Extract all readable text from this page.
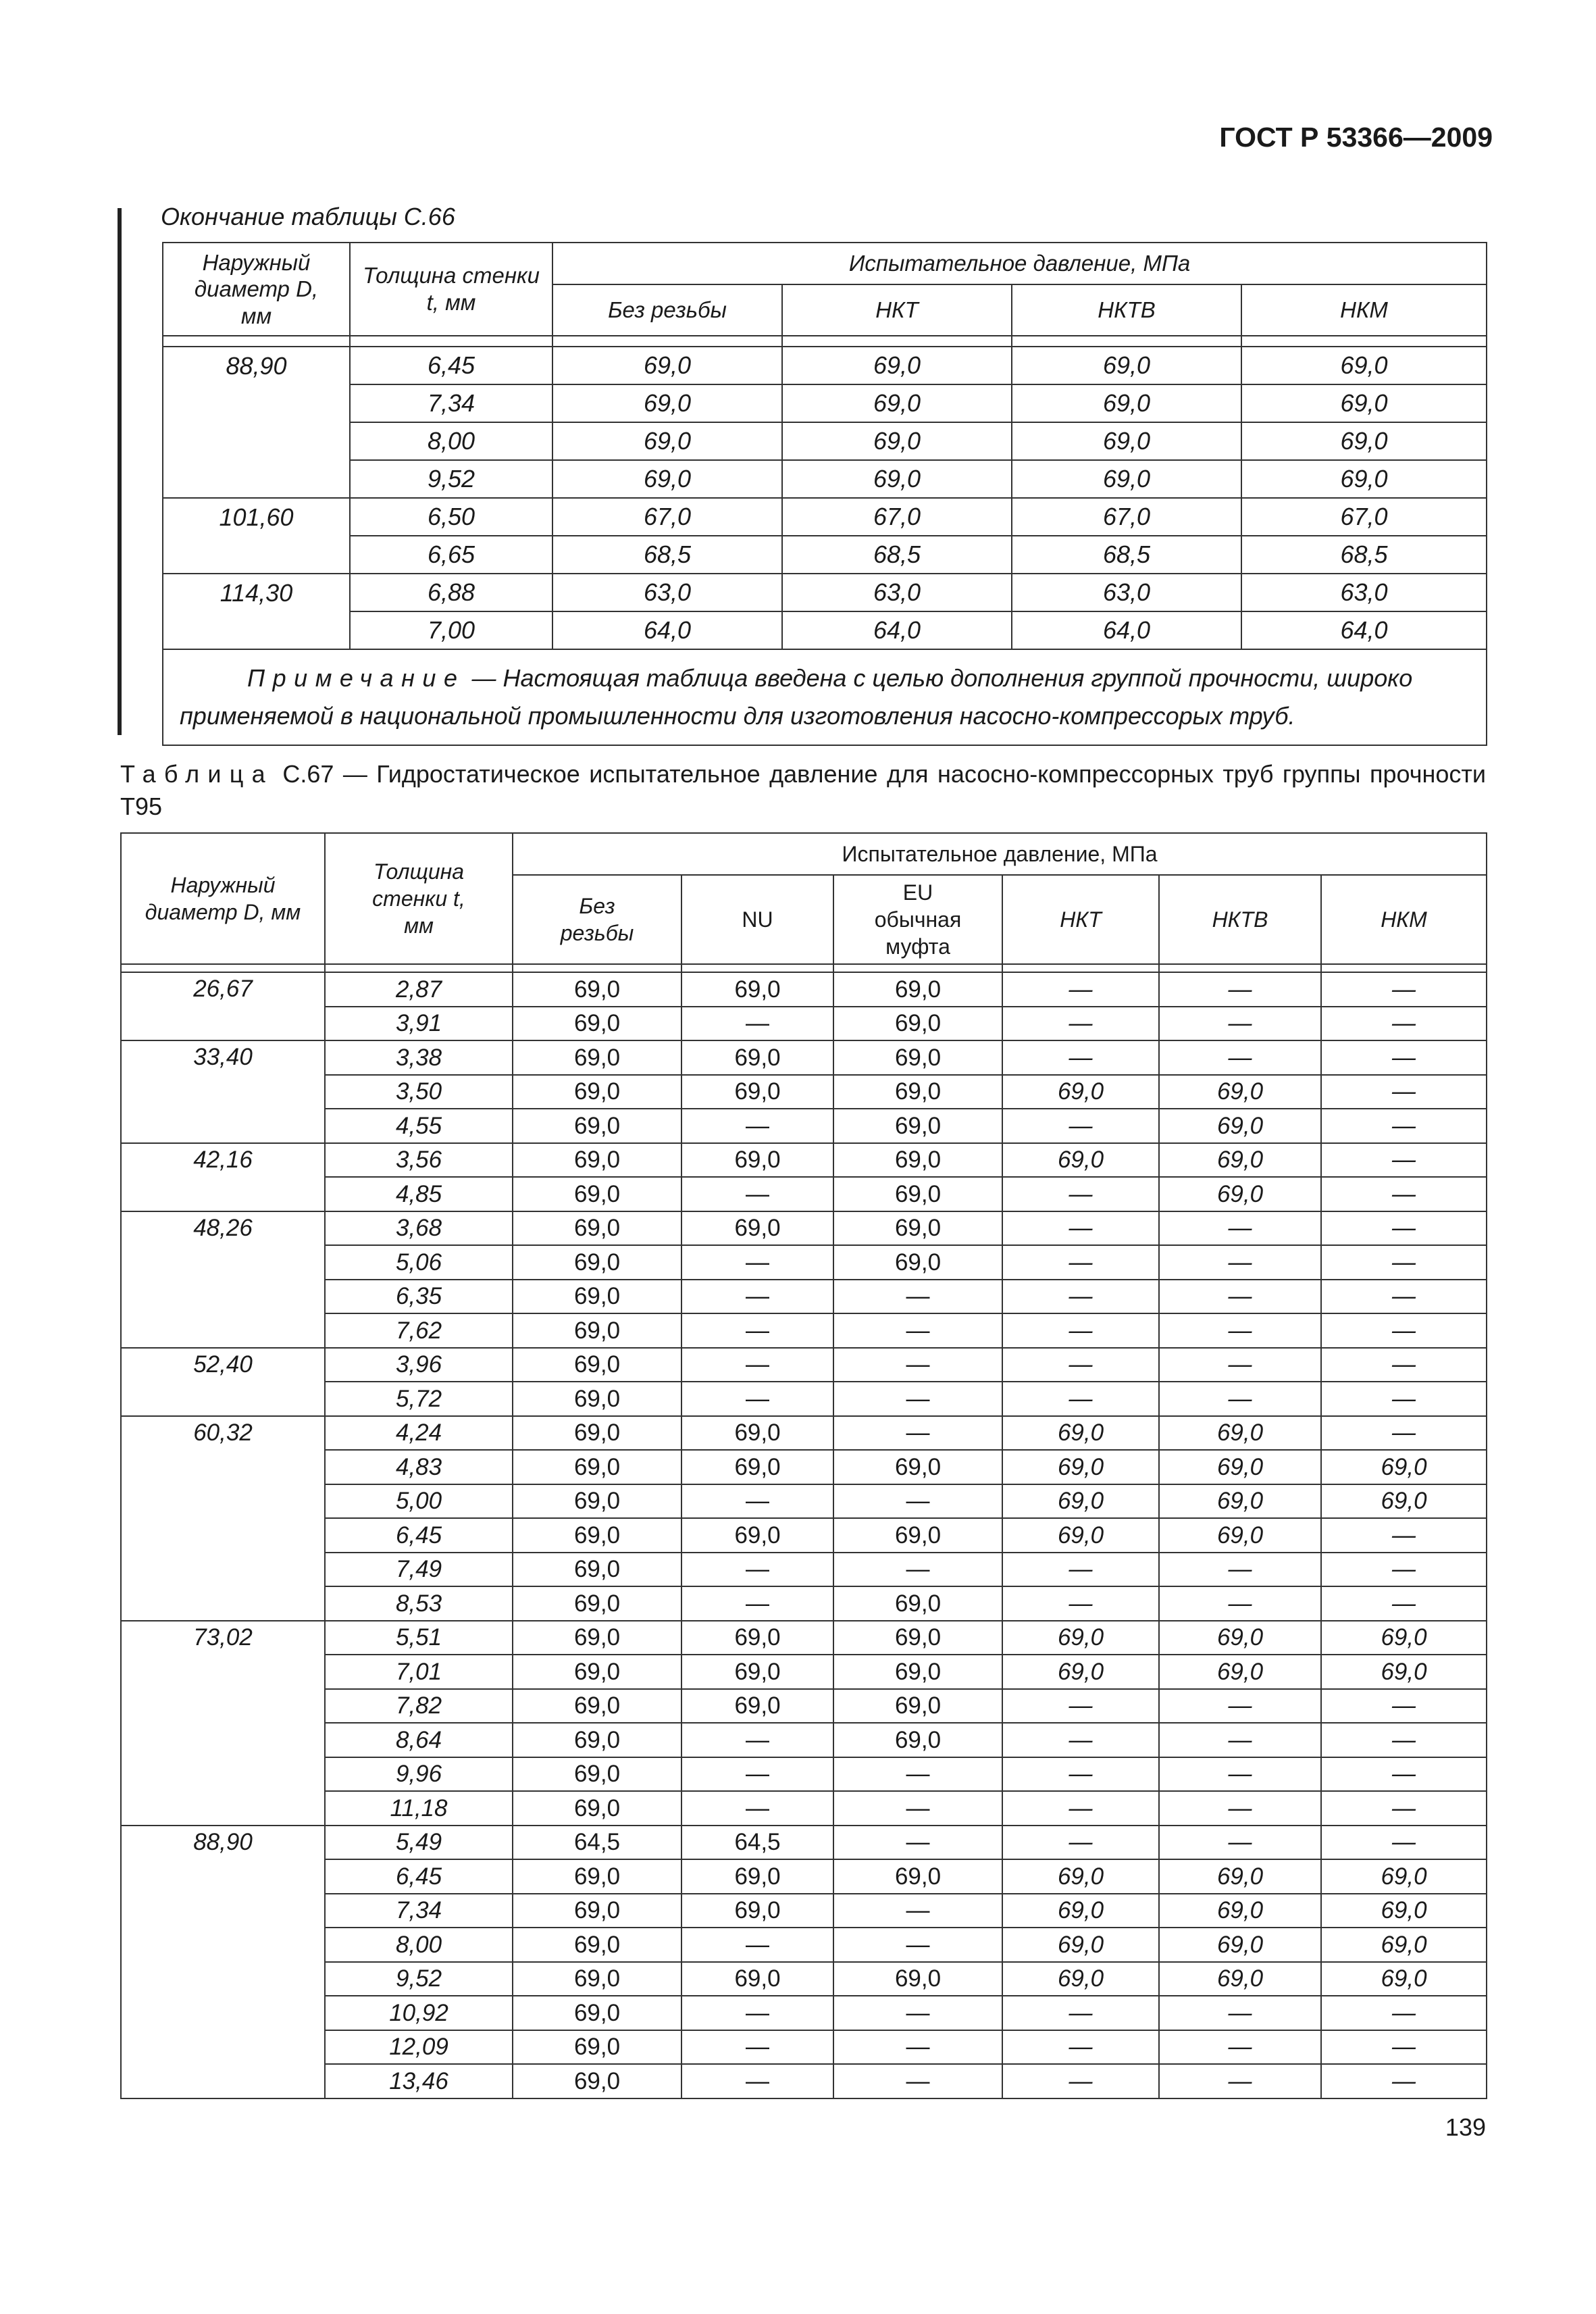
ГОСТ Р 53366—2009
Окончание таблицы С.66
Наружный диаметр D, мм	Толщина стенки t, мм	Испытательное давление, МПа			
		Без резьбы	НКТ	НКТВ	НКМ

88,90	6,45	69,0	69,0	69,0	69,0
	7,34	69,0	69,0	69,0	69,0
	8,00	69,0	69,0	69,0	69,0
	9,52	69,0	69,0	69,0	69,0
101,60	6,50	67,0	67,0	67,0	67,0
	6,65	68,5	68,5	68,5	68,5
114,30	6,88	63,0	63,0	63,0	63,0
	7,00	64,0	64,0	64,0	64,0
Примечание — Настоящая таблица введена с целью дополнения группой прочности, широко применяемой в национальной промышленности для изготовления насосно-компрессорых труб.					
Таблица С.67 — Гидростатическое испытательное давление для насосно-компрессорных труб группы прочности Т95
Наружный диаметр D, мм	Толщина стенки t, мм	Испытательное давление, МПа					
		Без резьбы	NU	EU обычная муфта	НКТ	НКТВ	НКМ

26,67	2,87	69,0	69,0	69,0	—	—	—
	3,91	69,0	—	69,0	—	—	—
33,40	3,38	69,0	69,0	69,0	—	—	—
	3,50	69,0	69,0	69,0	69,0	69,0	—
	4,55	69,0	—	69,0	—	69,0	—
42,16	3,56	69,0	69,0	69,0	69,0	69,0	—
	4,85	69,0	—	69,0	—	69,0	—
48,26	3,68	69,0	69,0	69,0	—	—	—
	5,06	69,0	—	69,0	—	—	—
	6,35	69,0	—	—	—	—	—
	7,62	69,0	—	—	—	—	—
52,40	3,96	69,0	—	—	—	—	—
	5,72	69,0	—	—	—	—	—
60,32	4,24	69,0	69,0	—	69,0	69,0	—
	4,83	69,0	69,0	69,0	69,0	69,0	69,0
	5,00	69,0	—	—	69,0	69,0	69,0
	6,45	69,0	69,0	69,0	69,0	69,0	—
	7,49	69,0	—	—	—	—	—
	8,53	69,0	—	69,0	—	—	—
73,02	5,51	69,0	69,0	69,0	69,0	69,0	69,0
	7,01	69,0	69,0	69,0	69,0	69,0	69,0
	7,82	69,0	69,0	69,0	—	—	—
	8,64	69,0	—	69,0	—	—	—
	9,96	69,0	—	—	—	—	—
	11,18	69,0	—	—	—	—	—
88,90	5,49	64,5	64,5	—	—	—	—
	6,45	69,0	69,0	69,0	69,0	69,0	69,0
	7,34	69,0	69,0	—	69,0	69,0	69,0
	8,00	69,0	—	—	69,0	69,0	69,0
	9,52	69,0	69,0	69,0	69,0	69,0	69,0
	10,92	69,0	—	—	—	—	—
	12,09	69,0	—	—	—	—	—
	13,46	69,0	—	—	—	—	—
139
